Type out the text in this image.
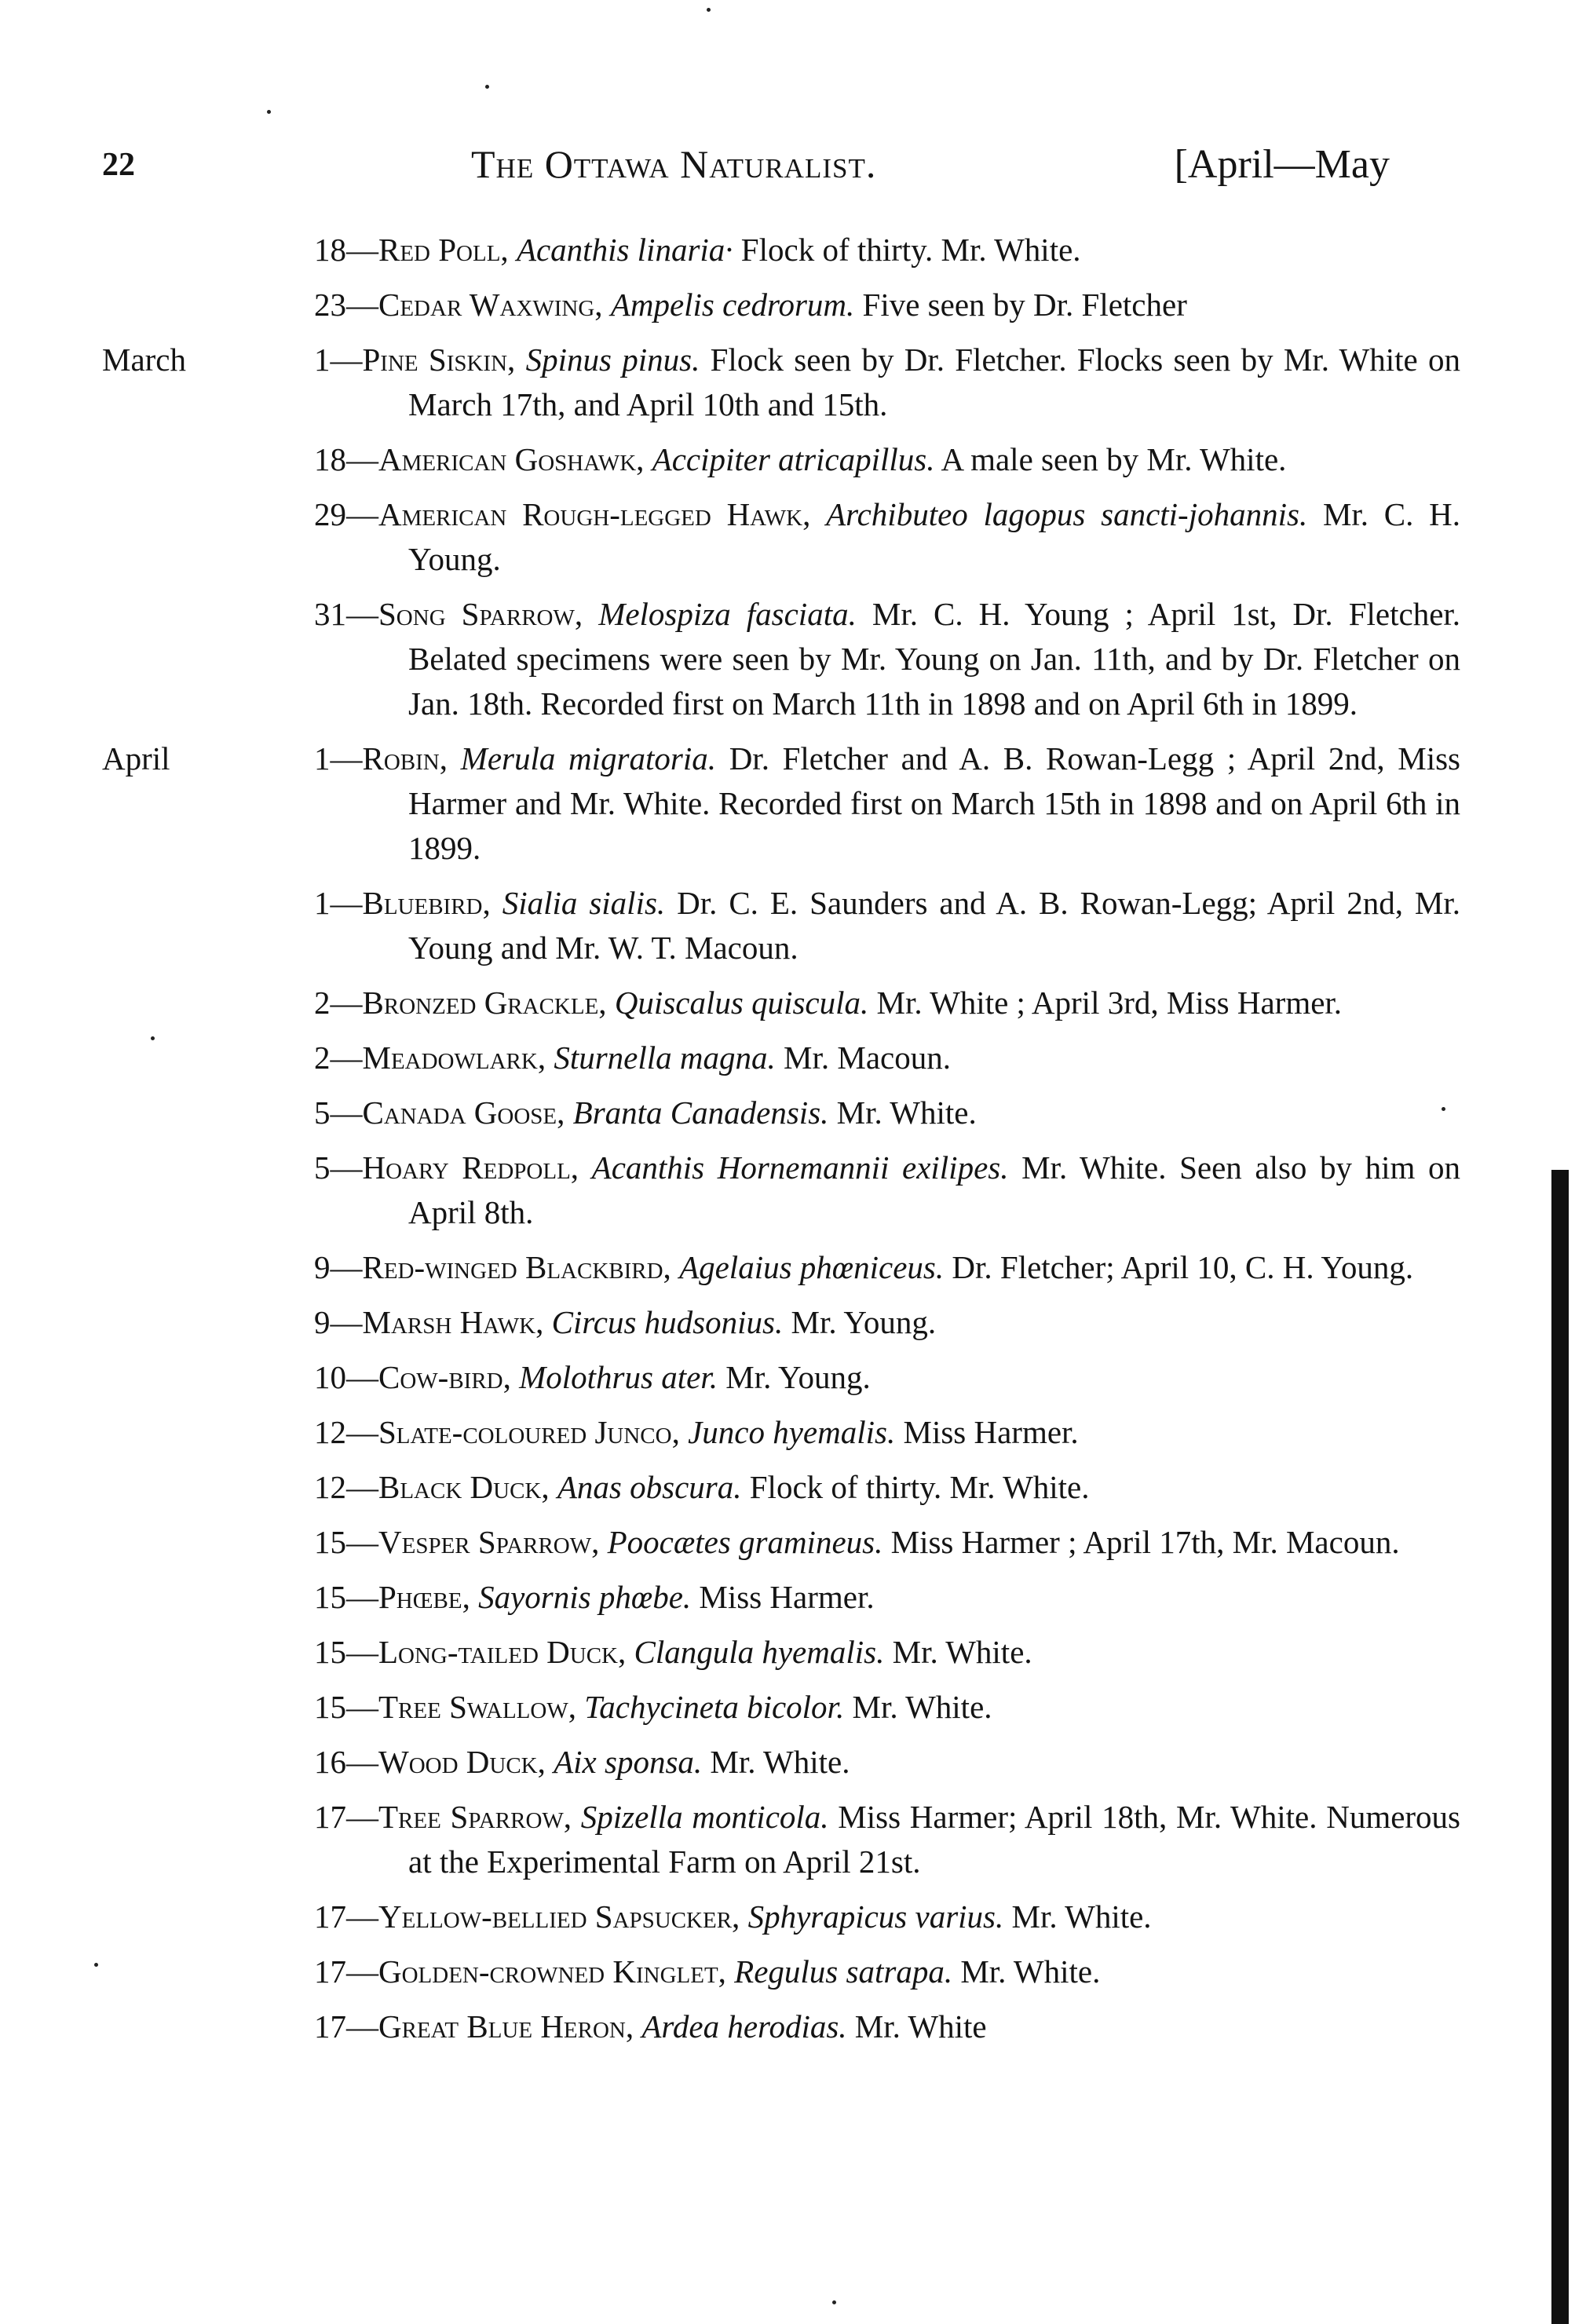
22	The Ottawa Naturalist.	[April—May
18—Red Poll, Acanthis linaria· Flock of thirty. Mr. White.
23—Cedar Waxwing, Ampelis cedrorum. Five seen by Dr. Fletcher
March	1—Pine Siskin, Spinus pinus. Flock seen by Dr. Fletcher. Flocks seen by Mr. White on March 17th, and April 10th and 15th.
18—American Goshawk, Accipiter atricapillus. A male seen by Mr. White.
29—American Rough-legged Hawk, Archibuteo lagopus sancti-johannis. Mr. C. H. Young.
31—Song Sparrow, Melospiza fasciata. Mr. C. H. Young ; April 1st, Dr. Fletcher. Belated specimens were seen by Mr. Young on Jan. 11th, and by Dr. Fletcher on Jan. 18th. Recorded first on March 11th in 1898 and on April 6th in 1899.
April	1—Robin, Merula migratoria. Dr. Fletcher and A. B. Rowan-Legg ; April 2nd, Miss Harmer and Mr. White. Recorded first on March 15th in 1898 and on April 6th in 1899.
1—Bluebird, Sialia sialis. Dr. C. E. Saunders and A. B. Rowan-Legg; April 2nd, Mr. Young and Mr. W. T. Macoun.
2—Bronzed Grackle, Quiscalus quiscula. Mr. White ; April 3rd, Miss Harmer.
2—Meadowlark, Sturnella magna. Mr. Macoun.
5—Canada Goose, Branta Canadensis. Mr. White.
5—Hoary Redpoll, Acanthis Hornemannii exilipes. Mr. White. Seen also by him on April 8th.
9—Red-winged Blackbird, Agelaius phœniceus. Dr. Fletcher; April 10, C. H. Young.
9—Marsh Hawk, Circus hudsonius. Mr. Young.
10—Cow-bird, Molothrus ater. Mr. Young.
12—Slate-coloured Junco, Junco hyemalis. Miss Harmer.
12—Black Duck, Anas obscura. Flock of thirty. Mr. White.
15—Vesper Sparrow, Poocætes gramineus. Miss Harmer ; April 17th, Mr. Macoun.
15—Phœbe, Sayornis phœbe. Miss Harmer.
15—Long-tailed Duck, Clangula hyemalis. Mr. White.
15—Tree Swallow, Tachycineta bicolor. Mr. White.
16—Wood Duck, Aix sponsa. Mr. White.
17—Tree Sparrow, Spizella monticola. Miss Harmer; April 18th, Mr. White. Numerous at the Experimental Farm on April 21st.
17—Yellow-bellied Sapsucker, Sphyrapicus varius. Mr. White.
17—Golden-crowned Kinglet, Regulus satrapa. Mr. White.
17—Great Blue Heron, Ardea herodias. Mr. White
